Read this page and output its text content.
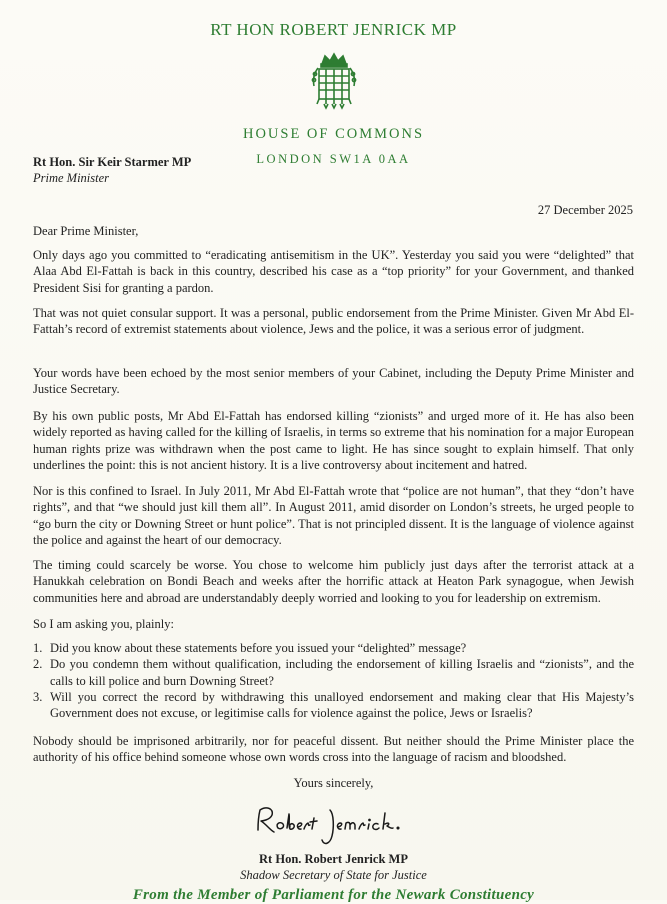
RT HON ROBERT JENRICK MP
HOUSE OF COMMONS
LONDON SW1A 0AA
Rt Hon. Sir Keir Starmer MP
Prime Minister
27 December 2025
Dear Prime Minister,

Only days ago you committed to “eradicating antisemitism in the UK”. Yesterday you said you were “delighted” that Alaa Abd El-Fattah is back in this country, described his case as a “top priority” for your Government, and thanked President Sisi for granting a pardon.

That was not quiet consular support. It was a personal, public endorsement from the Prime Minister. Given Mr Abd El-Fattah’s record of extremist statements about violence, Jews and the police, it was a serious error of judgment.

Your words have been echoed by the most senior members of your Cabinet, including the Deputy Prime Minister and Justice Secretary.

By his own public posts, Mr Abd El-Fattah has endorsed killing “zionists” and urged more of it. He has also been widely reported as having called for the killing of Israelis, in terms so extreme that his nomination for a major European human rights prize was withdrawn when the post came to light. He has since sought to explain himself. That only underlines the point: this is not ancient history. It is a live controversy about incitement and hatred.

Nor is this confined to Israel. In July 2011, Mr Abd El-Fattah wrote that “police are not human”, that they “don’t have rights”, and that “we should just kill them all”. In August 2011, amid disorder on London’s streets, he urged people to “go burn the city or Downing Street or hunt police”. That is not principled dissent. It is the language of violence against the police and against the heart of our democracy.

The timing could scarcely be worse. You chose to welcome him publicly just days after the terrorist attack at a Hanukkah celebration on Bondi Beach and weeks after the horrific attack at Heaton Park synagogue, when Jewish communities here and abroad are understandably deeply worried and looking to you for leadership on extremism.

So I am asking you, plainly:

1. Did you know about these statements before you issued your “delighted” message?
2. Do you condemn them without qualification, including the endorsement of killing Israelis and “zionists”, and the calls to kill police and burn Downing Street?
3. Will you correct the record by withdrawing this unalloyed endorsement and making clear that His Majesty’s Government does not excuse, or legitimise calls for violence against the police, Jews or Israelis?

Nobody should be imprisoned arbitrarily, nor for peaceful dissent. But neither should the Prime Minister place the authority of his office behind someone whose own words cross into the language of racism and bloodshed.

Yours sincerely,
Rt Hon. Robert Jenrick MP
Shadow Secretary of State for Justice
From the Member of Parliament for the Newark Constituency
